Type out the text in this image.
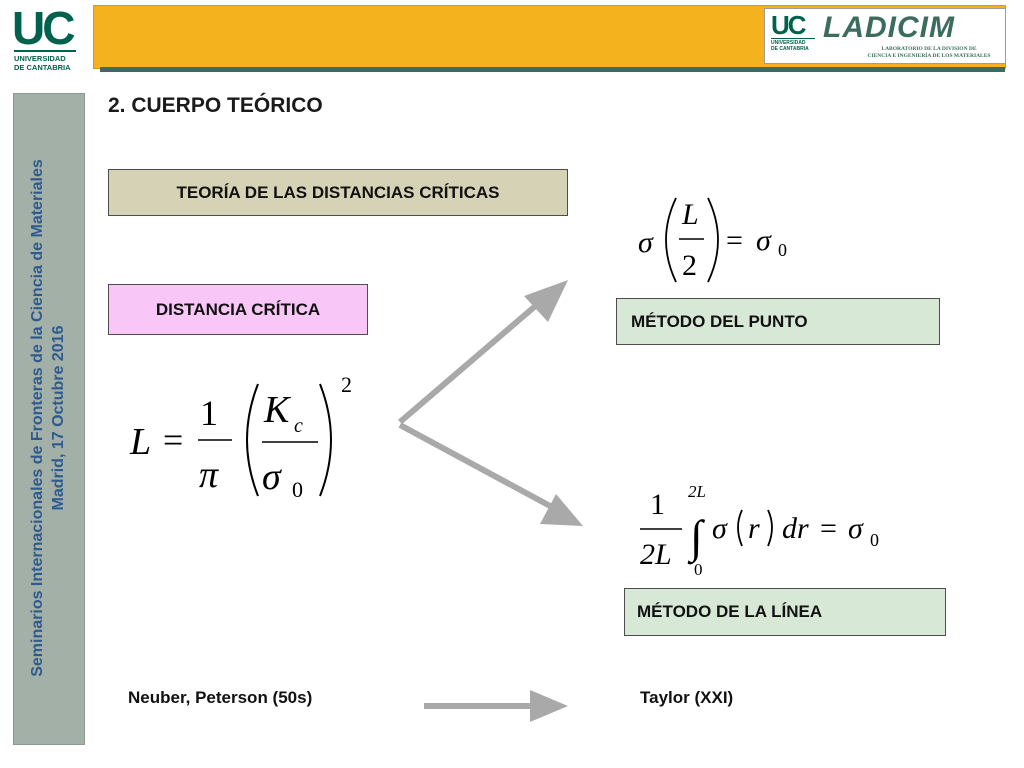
UC
UNIVERSIDAD
DE CANTABRIA
UC
UNIVERSIDAD
DE CANTABRIA
LADICIM
LABORATORIO DE LA DIVISION DE
CIENCIA E INGENIERÍA DE LOS MATERIALES
Seminarios Internacionales de Fronteras de la Ciencia de Materiales Madrid, 17 Octubre 2016
2. CUERPO TEÓRICO
TEORÍA DE LAS DISTANCIAS CRÍTICAS
DISTANCIA CRÍTICA
MÉTODO DEL PUNTO
MÉTODO DE LA LÍNEA
Neuber, Peterson (50s)	Taylor (XXI)
L =
1
π
K c
σ 0
2
σ
L
2
= σ 0
1
2L
2L
∫
0
σ r dr = σ 0
